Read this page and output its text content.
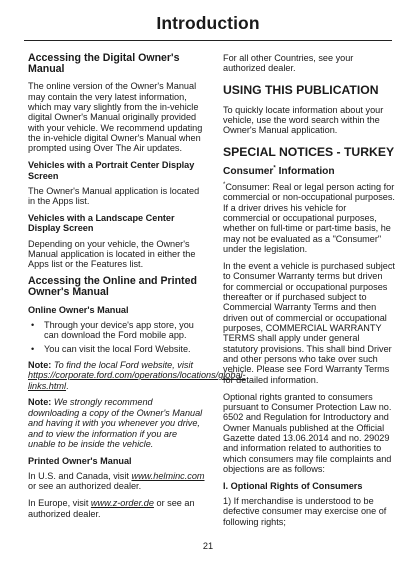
Introduction
Accessing the Digital Owner's Manual

The online version of the Owner's Manual may contain the very latest information, which may vary slightly from the in-vehicle digital Owner's Manual originally provided with your vehicle. We recommend updating the in-vehicle digital Owner's Manual when prompted using Over The Air updates.

Vehicles with a Portrait Center Display Screen

The Owner's Manual application is located in the Apps list.

Vehicles with a Landscape Center Display Screen

Depending on your vehicle, the Owner's Manual application is located in either the Apps list or the Features list.

Accessing the Online and Printed Owner's Manual
Online Owner's Manual
• Through your device's app store, you can download the Ford mobile app.
• You can visit the local Ford Website.

Note: To find the local Ford website, visit https://corporate.ford.com/operations/locations/global-links.html.

Note: We strongly recommend downloading a copy of the Owner's Manual and having it with you whenever you drive, and to view the information if you are unable to be inside the vehicle.

Printed Owner's Manual

In U.S. and Canada, visit www.helminc.com or see an authorized dealer.

In Europe, visit www.z-order.de or see an authorized dealer.

For all other Countries, see your authorized dealer.

USING THIS PUBLICATION

To quickly locate information about your vehicle, use the word search within the Owner's Manual application.

SPECIAL NOTICES - TURKEY
Consumer* Information

*Consumer: Real or legal person acting for commercial or non-occupational purposes. If a driver drives his vehicle for commercial or occupational purposes, whether on full-time or part-time basis, he may not be evaluated as a "Consumer" under the legislation.

In the event a vehicle is purchased subject to Consumer Warranty terms but driven for commercial or occupational purposes thereafter or if purchased subject to Commercial Warranty Terms and then driven out of commercial or occupational purposes, COMMERCIAL WARRANTY TERMS shall apply under general statutory provisions. This shall bind Driver and other persons who take over such vehicle. Please see Ford Warranty Terms for detailed information.

Optional rights granted to consumers pursuant to Consumer Protection Law no. 6502 and Regulation for Introductory and Owner Manuals published at the Official Gazette dated 13.06.2014 and no. 29029 and information related to authorities to which consumers may file complaints and objections are as follows:

I. Optional Rights of Consumers

1) If merchandise is understood to be defective consumer may exercise one of following rights;

21
